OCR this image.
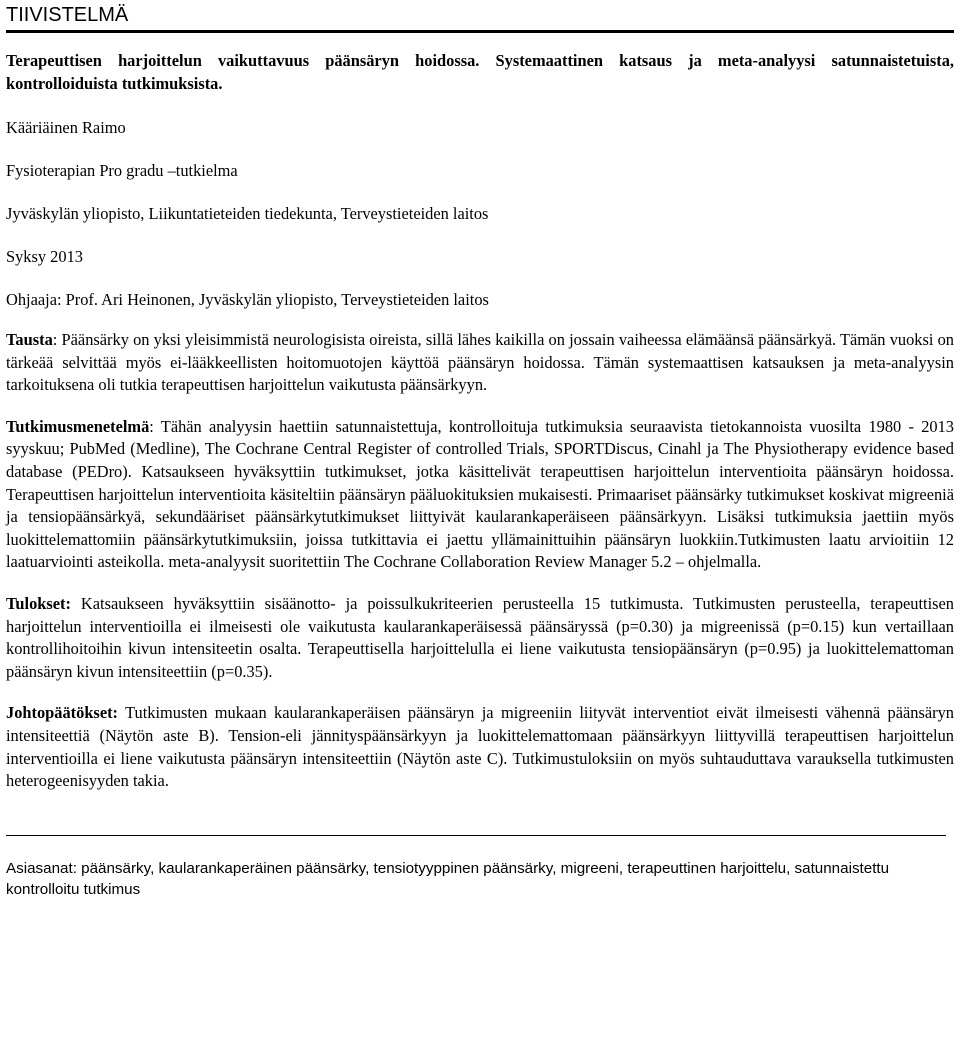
TIIVISTELMÄ

Terapeuttisen harjoittelun vaikuttavuus päänsäryn hoidossa. Systemaattinen katsaus ja meta-analyysi satunnaistetuista, kontrolloiduista tutkimuksista.

Kääriäinen Raimo

Fysioterapian Pro gradu –tutkielma

Jyväskylän yliopisto, Liikuntatieteiden tiedekunta, Terveystieteiden laitos

Syksy 2013

Ohjaaja: Prof. Ari Heinonen, Jyväskylän yliopisto, Terveystieteiden laitos

Tausta: Päänsärky on yksi yleisimmistä neurologisista oireista, sillä lähes kaikilla on jossain vaiheessa elämäänsä päänsärkyä. Tämän vuoksi on tärkeää selvittää myös ei-lääkkeellisten hoitomuotojen käyttöä päänsäryn hoidossa. Tämän systemaattisen katsauksen ja meta-analyysin tarkoituksena oli tutkia terapeuttisen harjoittelun vaikutusta päänsärkyyn.

Tutkimusmenetelmä: Tähän analyysin haettiin satunnaistettuja, kontrolloituja tutkimuksia seuraavista tietokannoista vuosilta 1980 - 2013 syyskuu; PubMed (Medline), The Cochrane Central Register of controlled Trials, SPORTDiscus, Cinahl ja The Physiotherapy evidence based database (PEDro). Katsaukseen hyväksyttiin tutkimukset, jotka käsittelivät terapeuttisen harjoittelun interventioita päänsäryn hoidossa. Terapeuttisen harjoittelun interventioita käsiteltiin päänsäryn pääluokituksien mukaisesti. Primaariset päänsärky tutkimukset koskivat migreeniä ja tensiopäänsärkyä, sekundääriset päänsärkytutkimukset liittyivät kaularankaperäiseen päänsärkyyn. Lisäksi tutkimuksia jaettiin myös luokittelemattomiin päänsärkytutkimuksiin, joissa tutkittavia ei jaettu yllämainittuihin päänsäryn luokkiin.Tutkimusten laatu arvioitiin 12 laatuarviointi asteikolla. meta-analyysit suoritettiin The Cochrane Collaboration Review Manager 5.2 – ohjelmalla.

Tulokset: Katsaukseen hyväksyttiin sisäänotto- ja poissulkukriteerien perusteella 15 tutkimusta. Tutkimusten perusteella, terapeuttisen harjoittelun interventioilla ei ilmeisesti ole vaikutusta kaularankaperäisessä päänsäryssä (p=0.30) ja migreenissä (p=0.15) kun vertaillaan kontrollihoitoihin kivun intensiteetin osalta. Terapeuttisella harjoittelulla ei liene vaikutusta tensiopäänsäryn (p=0.95) ja luokittelemattoman päänsäryn kivun intensiteettiin (p=0.35).

Johtopäätökset: Tutkimusten mukaan kaularankaperäisen päänsäryn ja migreeniin liityvät interventiot eivät ilmeisesti vähennä päänsäryn intensiteettiä (Näytön aste B). Tension-eli jännityspäänsärkyyn ja luokittelemattomaan päänsärkyyn liittyvillä terapeuttisen harjoittelun interventioilla ei liene vaikutusta päänsäryn intensiteettiin (Näytön aste C). Tutkimustuloksiin on myös suhtauduttava varauksella tutkimusten heterogeenisyyden takia.

Asiasanat: päänsärky, kaularankaperäinen päänsärky, tensiotyyppinen päänsärky, migreeni, terapeuttinen harjoittelu, satunnaistettu kontrolloitu tutkimus
